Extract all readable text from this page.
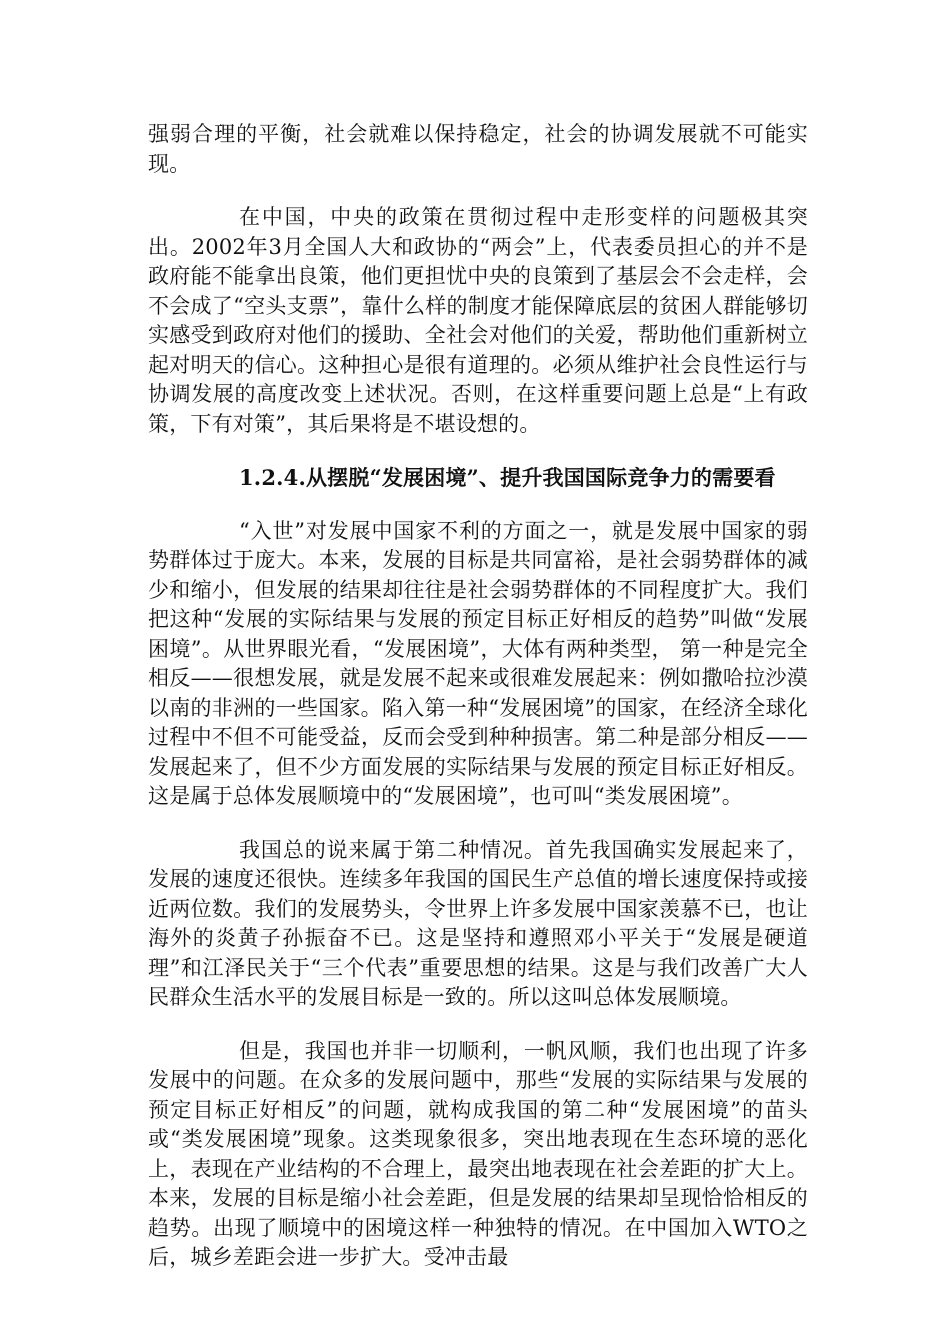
强弱合理的平衡，社会就难以保持稳定，社会的协调发展就不可能实现。

在中国，中央的政策在贯彻过程中走形变样的问题极其突出。2002年3月全国人大和政协的“两会”上，代表委员担心的并不是政府能不能拿出良策，他们更担忧中央的良策到了基层会不会走样，会不会成了“空头支票”，靠什么样的制度才能保障底层的贫困人群能够切实感受到政府对他们的援助、全社会对他们的关爱，帮助他们重新树立起对明天的信心。这种担心是很有道理的。必须从维护社会良性运行与协调发展的高度改变上述状况。否则，在这样重要问题上总是“上有政策，下有对策”，其后果将是不堪设想的。

1.2.4.从摆脱“发展困境”、提升我国国际竞争力的需要看

“入世”对发展中国家不利的方面之一，就是发展中国家的弱势群体过于庞大。本来，发展的目标是共同富裕，是社会弱势群体的减少和缩小，但发展的结果却往往是社会弱势群体的不同程度扩大。我们把这种“发展的实际结果与发展的预定目标正好相反的趋势”叫做“发展困境”。从世界眼光看，“发展困境”，大体有两种类型， 第一种是完全相反——很想发展，就是发展不起来或很难发展起来：例如撒哈拉沙漠以南的非洲的一些国家。陷入第一种“发展困境”的国家，在经济全球化过程中不但不可能受益，反而会受到种种损害。第二种是部分相反——发展起来了，但不少方面发展的实际结果与发展的预定目标正好相反。这是属于总体发展顺境中的“发展困境”，也可叫“类发展困境”。

我国总的说来属于第二种情况。首先我国确实发展起来了，发展的速度还很快。连续多年我国的国民生产总值的增长速度保持或接近两位数。我们的发展势头，令世界上许多发展中国家羡慕不已，也让海外的炎黄子孙振奋不已。这是坚持和遵照邓小平关于“发展是硬道理”和江泽民关于“三个代表”重要思想的结果。这是与我们改善广大人民群众生活水平的发展目标是一致的。所以这叫总体发展顺境。

但是，我国也并非一切顺利，一帆风顺，我们也出现了许多发展中的问题。在众多的发展问题中，那些“发展的实际结果与发展的预定目标正好相反”的问题，就构成我国的第二种“发展困境”的苗头或“类发展困境”现象。这类现象很多，突出地表现在生态环境的恶化上，表现在产业结构的不合理上，最突出地表现在社会差距的扩大上。本来，发展的目标是缩小社会差距，但是发展的结果却呈现恰恰相反的趋势。出现了顺境中的困境这样一种独特的情况。在中国加入WTO之后，城乡差距会进一步扩大。受冲击最
